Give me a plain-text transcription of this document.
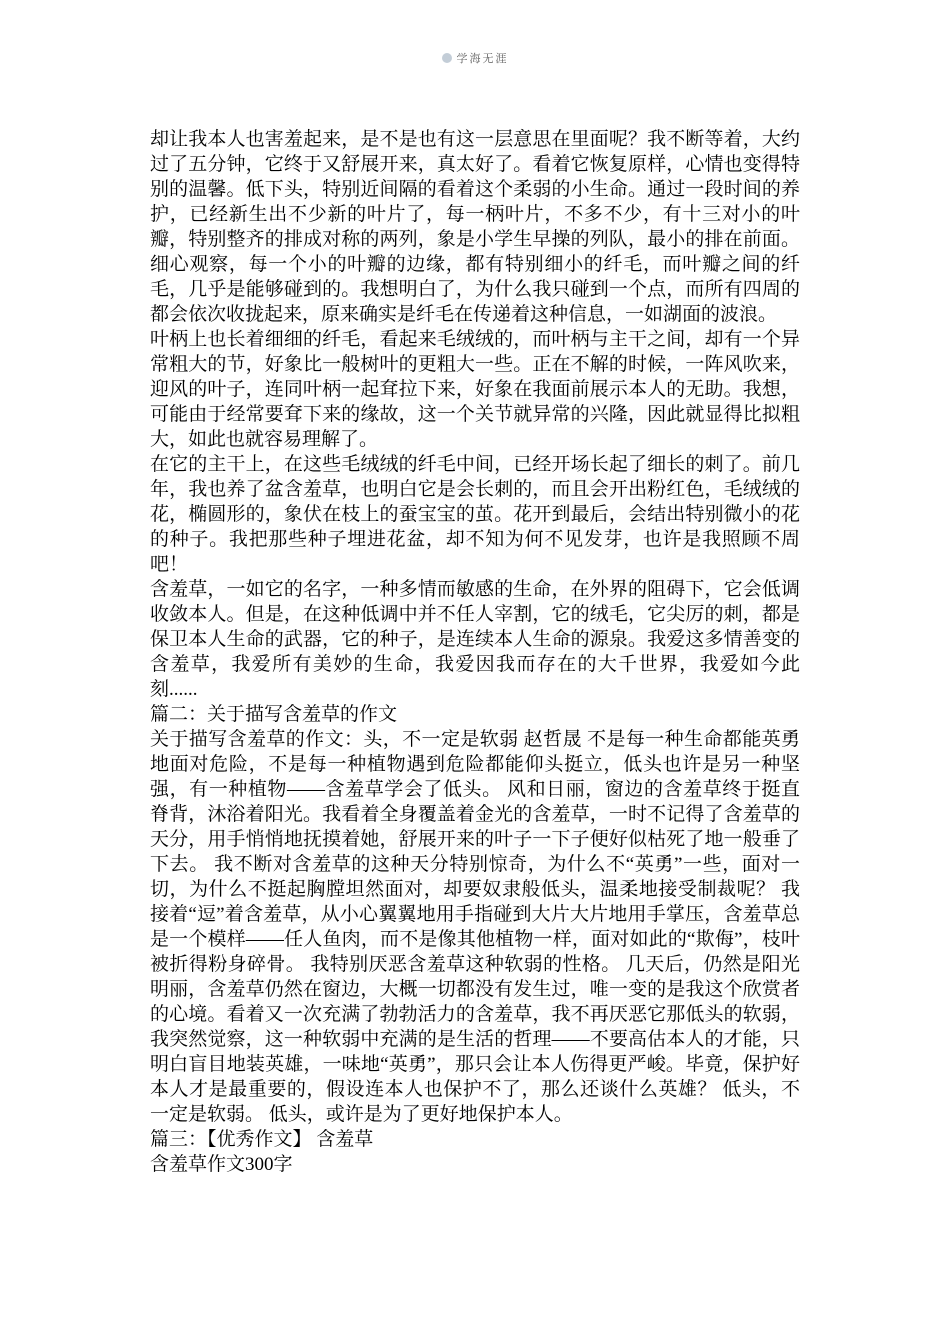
学海无涯

却让我本人也害羞起来，是不是也有这一层意思在里面呢？我不断等着，大约过了五分钟，它终于又舒展开来，真太好了。看着它恢复原样，心情也变得特别的温馨。低下头，特别近间隔的看着这个柔弱的小生命。通过一段时间的养护，已经新生出不少新的叶片了，每一柄叶片，不多不少，有十三对小的叶瓣，特别整齐的排成对称的两列，象是小学生早操的列队，最小的排在前面。细心观察，每一个小的叶瓣的边缘，都有特别细小的纤毛，而叶瓣之间的纤毛，几乎是能够碰到的。我想明白了，为什么我只碰到一个点，而所有四周的都会依次收拢起来，原来确实是纤毛在传递着这种信息，一如湖面的波浪。

叶柄上也长着细细的纤毛，看起来毛绒绒的，而叶柄与主干之间，却有一个异常粗大的节，好象比一般树叶的更粗大一些。正在不解的时候，一阵风吹来，迎风的叶子，连同叶柄一起耷拉下来，好象在我面前展示本人的无助。我想，可能由于经常要耷下来的缘故，这一个关节就异常的兴隆，因此就显得比拟粗大，如此也就容易理解了。

在它的主干上，在这些毛绒绒的纤毛中间，已经开场长起了细长的刺了。前几年，我也养了盆含羞草，也明白它是会长刺的，而且会开出粉红色，毛绒绒的花，椭圆形的，象伏在枝上的蚕宝宝的茧。花开到最后，会结出特别微小的花的种子。我把那些种子埋进花盆，却不知为何不见发芽，也许是我照顾不周吧！

含羞草，一如它的名字，一种多情而敏感的生命，在外界的阻碍下，它会低调收敛本人。但是，在这种低调中并不任人宰割，它的绒毛，它尖厉的刺，都是保卫本人生命的武器，它的种子，是连续本人生命的源泉。我爱这多情善变的含羞草，我爱所有美妙的生命，我爱因我而存在的大千世界，我爱如今此刻......

篇二：关于描写含羞草的作文

关于描写含羞草的作文：头，不一定是软弱 赵哲晟 不是每一种生命都能英勇地面对危险，不是每一种植物遇到危险都能仰头挺立，低头也许是另一种坚强，有一种植物——含羞草学会了低头。 风和日丽，窗边的含羞草终于挺直脊背，沐浴着阳光。我看着全身覆盖着金光的含羞草，一时不记得了含羞草的天分，用手悄悄地抚摸着她，舒展开来的叶子一下子便好似枯死了地一般垂了下去。 我不断对含羞草的这种天分特别惊奇，为什么不“英勇”一些，面对一切，为什么不挺起胸膛坦然面对，却要奴隶般低头，温柔地接受制裁呢？ 我接着“逗”着含羞草，从小心翼翼地用手指碰到大片大片地用手掌压，含羞草总是一个模样——任人鱼肉，而不是像其他植物一样，面对如此的“欺侮”，枝叶被折得粉身碎骨。 我特别厌恶含羞草这种软弱的性格。 几天后，仍然是阳光明丽，含羞草仍然在窗边，大概一切都没有发生过，唯一变的是我这个欣赏者的心境。看着又一次充满了勃勃活力的含羞草，我不再厌恶它那低头的软弱，我突然觉察，这一种软弱中充满的是生活的哲理——不要高估本人的才能，只明白盲目地装英雄，一味地“英勇”，那只会让本人伤得更严峻。毕竟，保护好本人才是最重要的，假设连本人也保护不了，那么还谈什么英雄？ 低头，不一定是软弱。 低头，或许是为了更好地保护本人。

篇三：【优秀作文】 含羞草

含羞草作文300字
